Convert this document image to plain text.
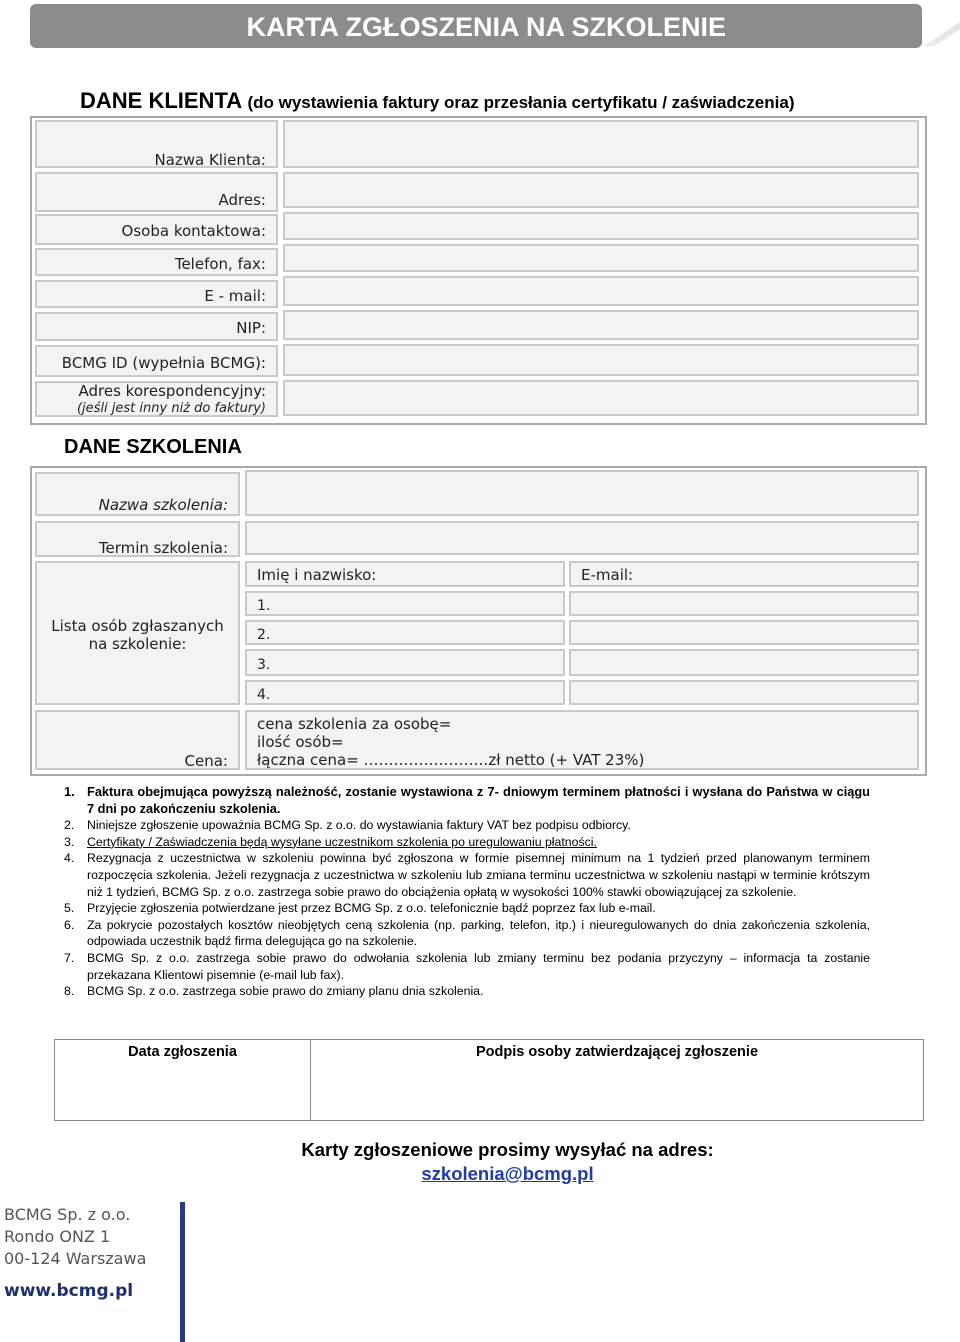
KARTA ZGŁOSZENIA NA SZKOLENIE
DANE KLIENTA (do wystawienia faktury oraz przesłania certyfikatu / zaświadczenia)
Nazwa Klienta:
Adres:
Osoba kontaktowa:
Telefon, fax:
E - mail:
NIP:
BCMG ID (wypełnia BCMG):
Adres korespondencyjny:
(jeśli jest inny niż do faktury)
DANE SZKOLENIA
Nazwa szkolenia:
Termin szkolenia:
Lista osób zgłaszanych
na szkolenie:
Imię i nazwisko:	E-mail:
1.
2.
3.
4.
Cena:
cena szkolenia za osobę=
ilość osób=
łączna cena= …………………….zł netto (+ VAT 23%)
1. Faktura obejmująca powyższą należność, zostanie wystawiona z 7- dniowym terminem płatności i wysłana do Państwa w ciągu 7 dni po zakończeniu szkolenia.
2. Niniejsze zgłoszenie upoważnia BCMG Sp. z o.o. do wystawiania faktury VAT bez podpisu odbiorcy.
3. Certyfikaty / Zaświadczenia będą wysyłane uczestnikom szkolenia po uregulowaniu płatności.
4. Rezygnacja z uczestnictwa w szkoleniu powinna być zgłoszona w formie pisemnej minimum na 1 tydzień przed planowanym terminem rozpoczęcia szkolenia. Jeżeli rezygnacja z uczestnictwa w szkoleniu lub zmiana terminu uczestnictwa w szkoleniu nastąpi w terminie krótszym niż 1 tydzień, BCMG Sp. z o.o. zastrzega sobie prawo do obciążenia opłatą w wysokości 100% stawki obowiązującej za szkolenie.
5. Przyjęcie zgłoszenia potwierdzane jest przez BCMG Sp. z o.o. telefonicznie bądź poprzez fax lub e-mail.
6. Za pokrycie pozostałych kosztów nieobjętych ceną szkolenia (np. parking, telefon, itp.) i nieuregulowanych do dnia zakończenia szkolenia, odpowiada uczestnik bądź firma delegująca go na szkolenie.
7. BCMG Sp. z o.o. zastrzega sobie prawo do odwołania szkolenia lub zmiany terminu bez podania przyczyny – informacja ta zostanie przekazana Klientowi pisemnie (e-mail lub fax).
8. BCMG Sp. z o.o. zastrzega sobie prawo do zmiany planu dnia szkolenia.
Data zgłoszenia	Podpis osoby zatwierdzającej zgłoszenie
Karty zgłoszeniowe prosimy wysyłać na adres:
szkolenia@bcmg.pl
BCMG Sp. z o.o.
Rondo ONZ 1
00-124 Warszawa
www.bcmg.pl
